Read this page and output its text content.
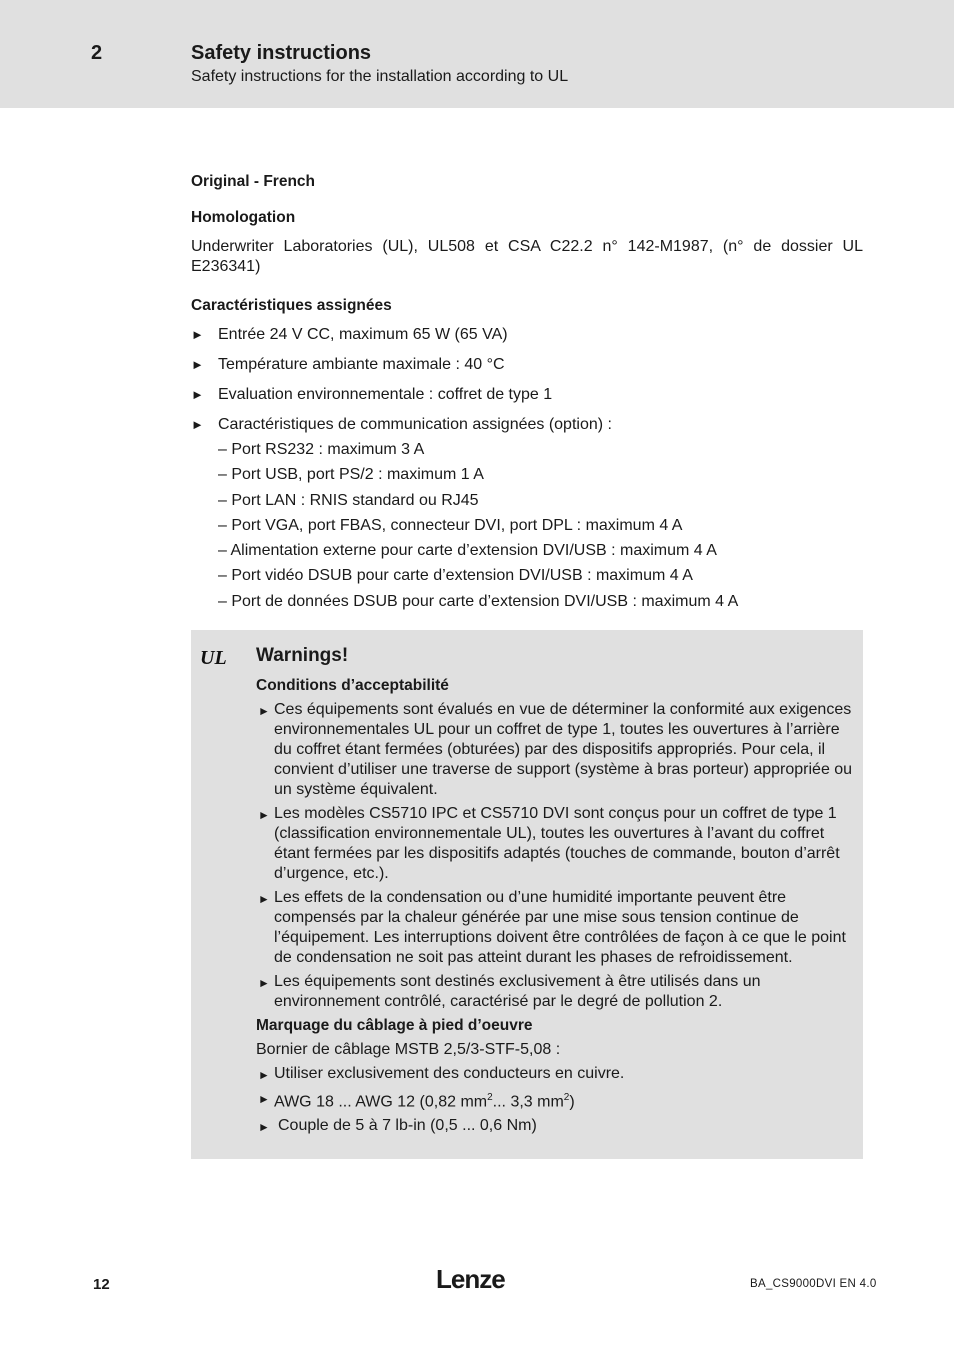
2	Safety instructions
Safety instructions for the installation according to UL
Original - French
Homologation
Underwriter Laboratories (UL), UL508 et CSA C22.2 n° 142-M1987, (n° de dossier UL E236341)
Caractéristiques assignées
► Entrée 24 V CC, maximum 65 W (65 VA)
► Température ambiante maximale : 40 °C
► Evaluation environnementale : coffret de type 1
► Caractéristiques de communication assignées (option) :
– Port RS232 : maximum 3 A
– Port USB, port PS/2 : maximum 1 A
– Port LAN : RNIS standard ou RJ45
– Port VGA, port FBAS, connecteur DVI, port DPL : maximum 4 A
– Alimentation externe pour carte d’extension DVI/USB : maximum 4 A
– Port vidéo DSUB pour carte d’extension DVI/USB : maximum 4 A
– Port de données DSUB pour carte d’extension DVI/USB : maximum 4 A
UL Warnings!
Conditions d’acceptabilité
► Ces équipements sont évalués en vue de déterminer la conformité aux exigences environnementales UL pour un coffret de type 1, toutes les ouvertures à l’arrière du coffret étant fermées (obturées) par des dispositifs appropriés. Pour cela, il convient d’utiliser une traverse de support (système à bras porteur) appropriée ou un système équivalent.
► Les modèles CS5710 IPC et CS5710 DVI sont conçus pour un coffret de type 1 (classification environnementale UL), toutes les ouvertures à l’avant du coffret étant fermées par les dispositifs adaptés (touches de commande, bouton d’arrêt d’urgence, etc.).
► Les effets de la condensation ou d’une humidité importante peuvent être compensés par la chaleur générée par une mise sous tension continue de l’équipement. Les interruptions doivent être contrôlées de façon à ce que le point de condensation ne soit pas atteint durant les phases de refroidissement.
► Les équipements sont destinés exclusivement à être utilisés dans un environnement contrôlé, caractérisé par le degré de pollution 2.
Marquage du câblage à pied d’oeuvre
Bornier de câblage MSTB 2,5/3-STF-5,08 :
► Utiliser exclusivement des conducteurs en cuivre.
► AWG 18 ... AWG 12 (0,82 $mm^2$... 3,3 $mm^2$)
► Couple de 5 à 7 lb-in (0,5 ... 0,6 Nm)
12	Lenze	BA_CS9000DVI EN 4.0
